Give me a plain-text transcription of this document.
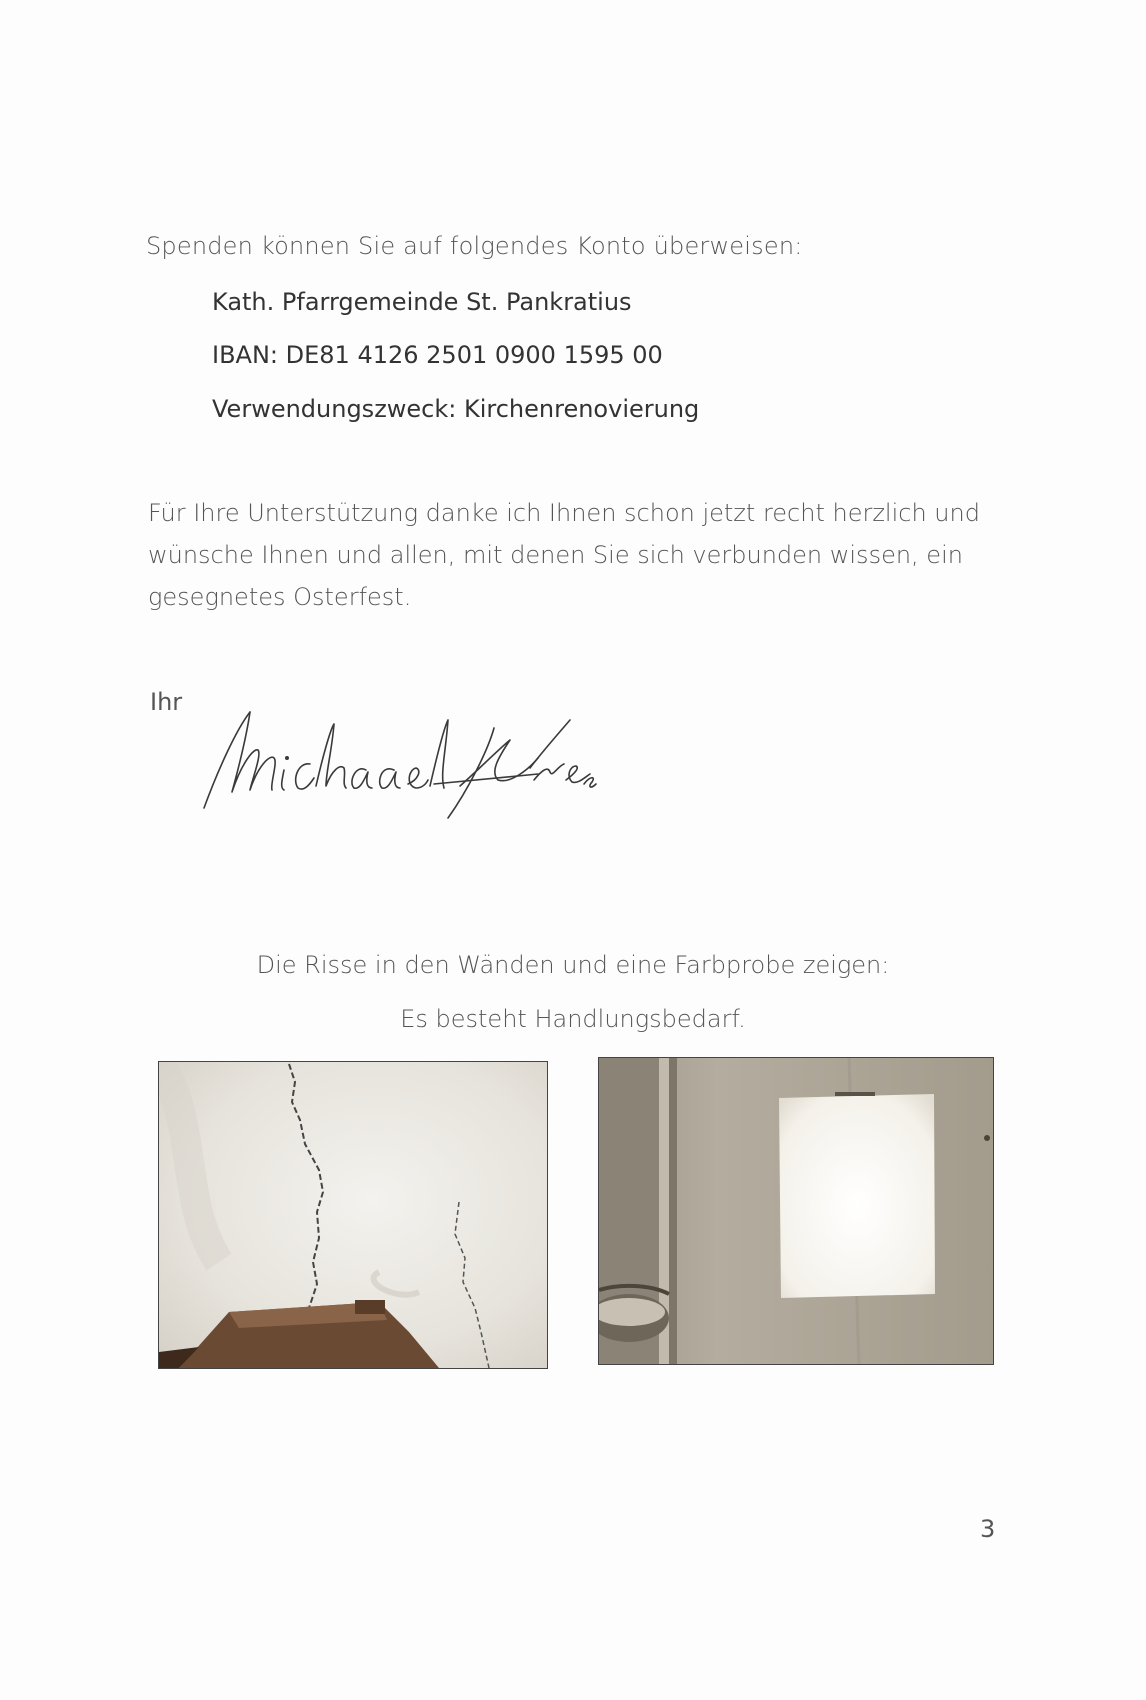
Spenden können Sie auf folgendes Konto überweisen:
Kath. Pfarrgemeinde St. Pankratius
IBAN: DE81 4126 2501 0900 1595 00
Verwendungszweck: Kirchenrenovierung
Für Ihre Unterstützung danke ich Ihnen schon jetzt recht herzlich und wünsche Ihnen und allen, mit denen Sie sich verbunden wissen, ein gesegnetes Osterfest.
Ihr
Die Risse in den Wänden und eine Farbprobe zeigen:
Es besteht Handlungsbedarf.
3
